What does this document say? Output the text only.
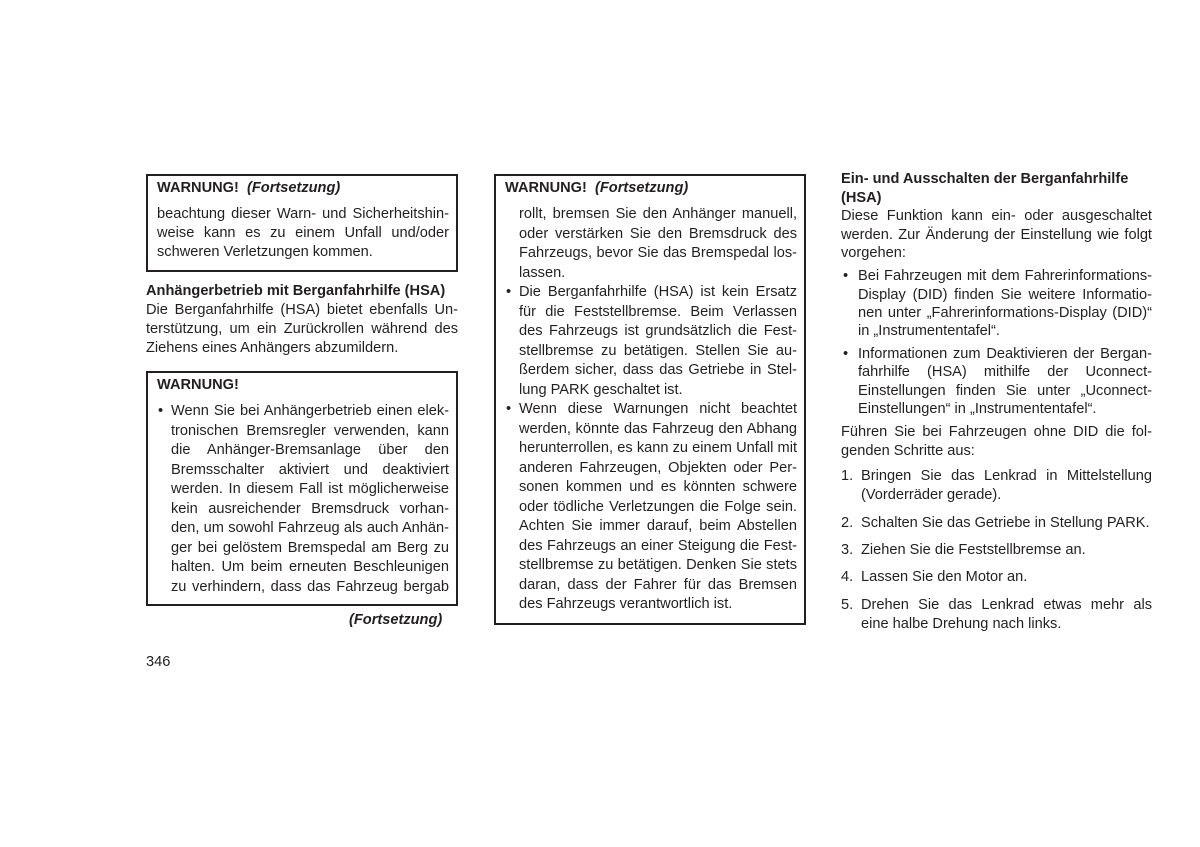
WARNUNG! (Fortsetzung)
beachtung dieser Warn- und Sicherheitshin-
weise kann es zu einem Unfall und/oder
schweren Verletzungen kommen.
Anhängerbetrieb mit Berganfahrhilfe (HSA)
Die Berganfahrhilfe (HSA) bietet ebenfalls Un-
terstützung, um ein Zurückrollen während des
Ziehens eines Anhängers abzumildern.
WARNUNG!
• Wenn Sie bei Anhängerbetrieb einen elek-
tronischen Bremsregler verwenden, kann
die Anhänger-Bremsanlage über den
Bremsschalter aktiviert und deaktiviert
werden. In diesem Fall ist möglicherweise
kein ausreichender Bremsdruck vorhan-
den, um sowohl Fahrzeug als auch Anhän-
ger bei gelöstem Bremspedal am Berg zu
halten. Um beim erneuten Beschleunigen
zu verhindern, dass das Fahrzeug bergab
(Fortsetzung)
346
WARNUNG! (Fortsetzung)
rollt, bremsen Sie den Anhänger manuell,
oder verstärken Sie den Bremsdruck des
Fahrzeugs, bevor Sie das Bremspedal los-
lassen.
• Die Berganfahrhilfe (HSA) ist kein Ersatz
für die Feststellbremse. Beim Verlassen
des Fahrzeugs ist grundsätzlich die Fest-
stellbremse zu betätigen. Stellen Sie au-
ßerdem sicher, dass das Getriebe in Stel-
lung PARK geschaltet ist.
• Wenn diese Warnungen nicht beachtet
werden, könnte das Fahrzeug den Abhang
herunterrollen, es kann zu einem Unfall mit
anderen Fahrzeugen, Objekten oder Per-
sonen kommen und es könnten schwere
oder tödliche Verletzungen die Folge sein.
Achten Sie immer darauf, beim Abstellen
des Fahrzeugs an einer Steigung die Fest-
stellbremse zu betätigen. Denken Sie stets
daran, dass der Fahrer für das Bremsen
des Fahrzeugs verantwortlich ist.
Ein- und Ausschalten der Berganfahrhilfe
(HSA)
Diese Funktion kann ein- oder ausgeschaltet
werden. Zur Änderung der Einstellung wie folgt
vorgehen:
• Bei Fahrzeugen mit dem Fahrerinformations-
Display (DID) finden Sie weitere Informatio-
nen unter „Fahrerinformations-Display (DID)“
in „Instrumententafel“.
• Informationen zum Deaktivieren der Bergan-
fahrhilfe (HSA) mithilfe der Uconnect-
Einstellungen finden Sie unter „Uconnect-
Einstellungen“ in „Instrumententafel“.
Führen Sie bei Fahrzeugen ohne DID die fol-
genden Schritte aus:
1. Bringen Sie das Lenkrad in Mittelstellung
(Vorderräder gerade).
2. Schalten Sie das Getriebe in Stellung PARK.
3. Ziehen Sie die Feststellbremse an.
4. Lassen Sie den Motor an.
5. Drehen Sie das Lenkrad etwas mehr als
eine halbe Drehung nach links.
